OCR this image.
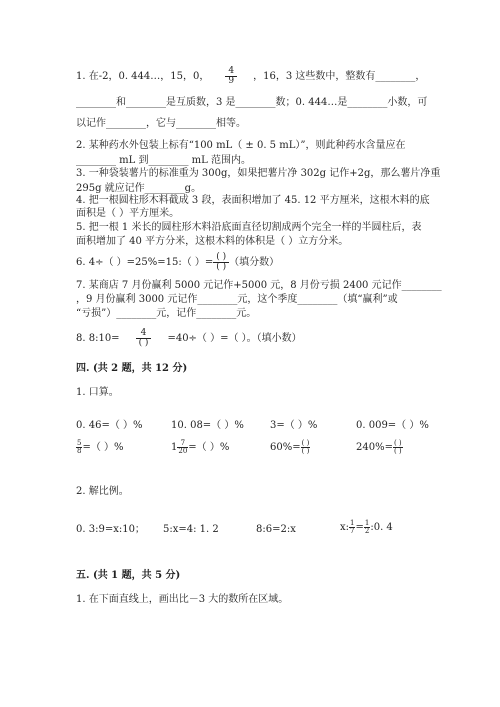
1. 在-2，0. 444…，15，0， $\frac{4}{9}$ ，16，3 这些数中，整数有________，
________和________是互质数，3 是________数；0. 444…是________小数，可
以记作________，它与________相等。
2. 某种药水外包装上标有“100 mL（ ± 0. 5 mL）”，则此种药水含量应在
________ mL 到________ mL 范围内。
3. 一种袋装薯片的标准重为 300g，如果把薯片净 302g 记作+2g，那么薯片净重
295g 就应记作________g。
4. 把一根圆柱形木料截成 3 段，表面积增加了 45. 12 平方厘米，这根木料的底
面积是（ ）平方厘米。
5. 把一根 1 米长的圆柱形木料沿底面直径切割成两个完全一样的半圆柱后，表
面积增加了 40 平方分米，这根木料的体积是（ ）立方分米。
6. 4÷（ ）=25%=15:（ ）= $\frac{( )}{( )}$ （填分数）
7. 某商店 7 月份赢利 5000 元记作+5000 元，8 月份亏损 2400 元记作________
，9 月份赢利 3000 元记作________元，这个季度________（填“赢利”或
“亏损”）________元，记作________元。
8. 8:10= $\frac{4}{( )} =40\div$（ ）=（ ）。（填小数）
四. (共 2 题，共 12 分)
1. 口算。
0. 46=（ ）%	10. 08=（ ）%	3=（ ）%	0. 009=（ ）%
$\frac{5}{8}$ =（ ）%	$1 \frac{7}{20}$ =（ ）%	$60\%= \frac{( )}{( )}$	$240\%= \frac{( )}{( )}$
2. 解比例。
0. 3:9=x:10； 5:x=4: 1. 2	8:6=2:x	x: $\frac{1}{7} = \frac{1}{2}$ :0. 4
五. (共 1 题，共 5 分)
1. 在下面直线上，画出比－3 大的数所在区域。
